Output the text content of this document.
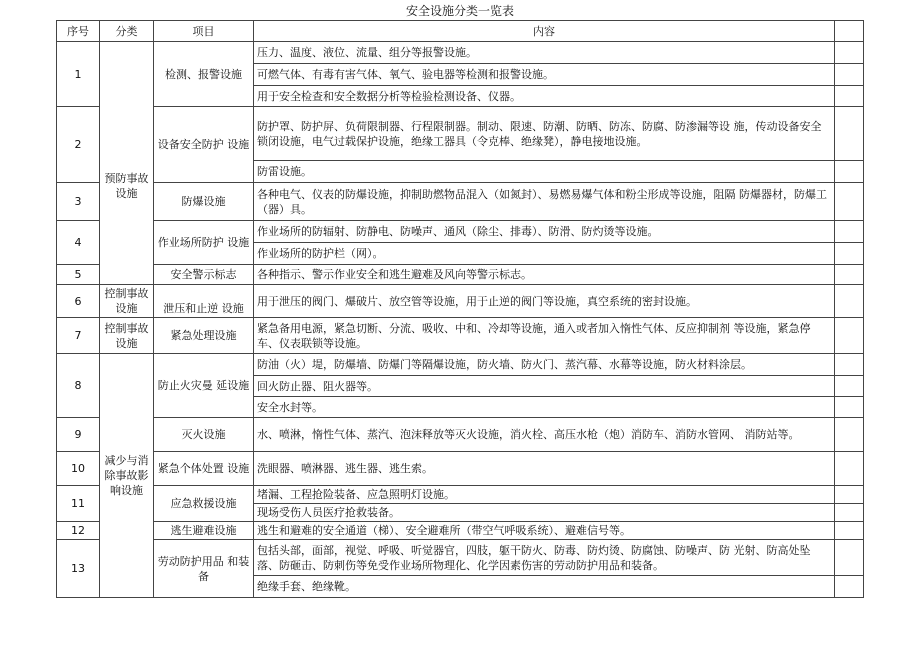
安全设施分类一览表
序号	分类	项目	内容	
1	预防事故设施	检测、报警设施	压力、温度、液位、流量、组分等报警设施。	
			可燃气体、有毒有害气体、氧气、验电器等检测和报警设施。	
			用于安全检查和安全数据分析等检验检测设备、仪器。	
2		设备安全防护 设施	防护罩、防护屏、负荷限制器、行程限制器。制动、限速、防潮、防晒、防冻、防腐、防渗漏等设 施，传动设备安全锁闭设施，电气过载保护设施，绝缘工器具（令克棒、绝缘凳），静电接地设施。	
			防雷设施。	
3		防爆设施	各种电气、仪表的防爆设施，抑制助燃物品混入（如氮封）、易燃易爆气体和粉尘形成等设施，阻隔 防爆器材，防爆工（器）具。	
4		作业场所防护 设施	作业场所的防辐射、防静电、防噪声、通风（除尘、排毒）、防滑、防灼烫等设施。	
			作业场所的防护栏（网）。	
5		安全警示标志	各种指示、警示作业安全和逃生避难及风向等警示标志。	
6	控制事故设施	泄压和止逆 设施	用于泄压的阀门、爆破片、放空管等设施，用于止逆的阀门等设施，真空系统的密封设施。	
7	控制事故设施	紧急处理设施	紧急备用电源，紧急切断、分流、吸收、中和、冷却等设施，通入或者加入惰性气体、反应抑制剂 等设施，紧急停车、仪表联锁等设施。	
8	减少与消除事故影响设施	防止火灾曼 延设施	防油（火）堤，防爆墙、防爆门等隔爆设施，防火墙、防火门、蒸汽幕、水幕等设施，防火材料涂层。	
			回火防止器、阻火器等。	
			安全水封等。	
9		灭火设施	水、喷淋，惰性气体、蒸汽、泡沫释放等灭火设施，消火栓、高压水枪（炮）消防车、消防水管网、 消防站等。	
10		紧急个体处置 设施	洗眼器、喷淋器、逃生器、逃生索。	
11		应急救援设施	堵漏、工程抢险装备、应急照明灯设施。	
			现场受伤人员医疗抢救装备。	
12		逃生避难设施	逃生和避难的安全通道（梯）、安全避难所（带空气呼吸系统）、避难信号等。	
13		劳动防护用品 和装备	包括头部，面部，视觉、呼吸、听觉器官，四肢，躯干防火、防毒、防灼烫、防腐蚀、防噪声、防 光射、防高处坠落、防砸击、防刺伤等免受作业场所物理化、化学因素伤害的劳动防护用品和装备。	
			绝缘手套、绝缘靴。	
